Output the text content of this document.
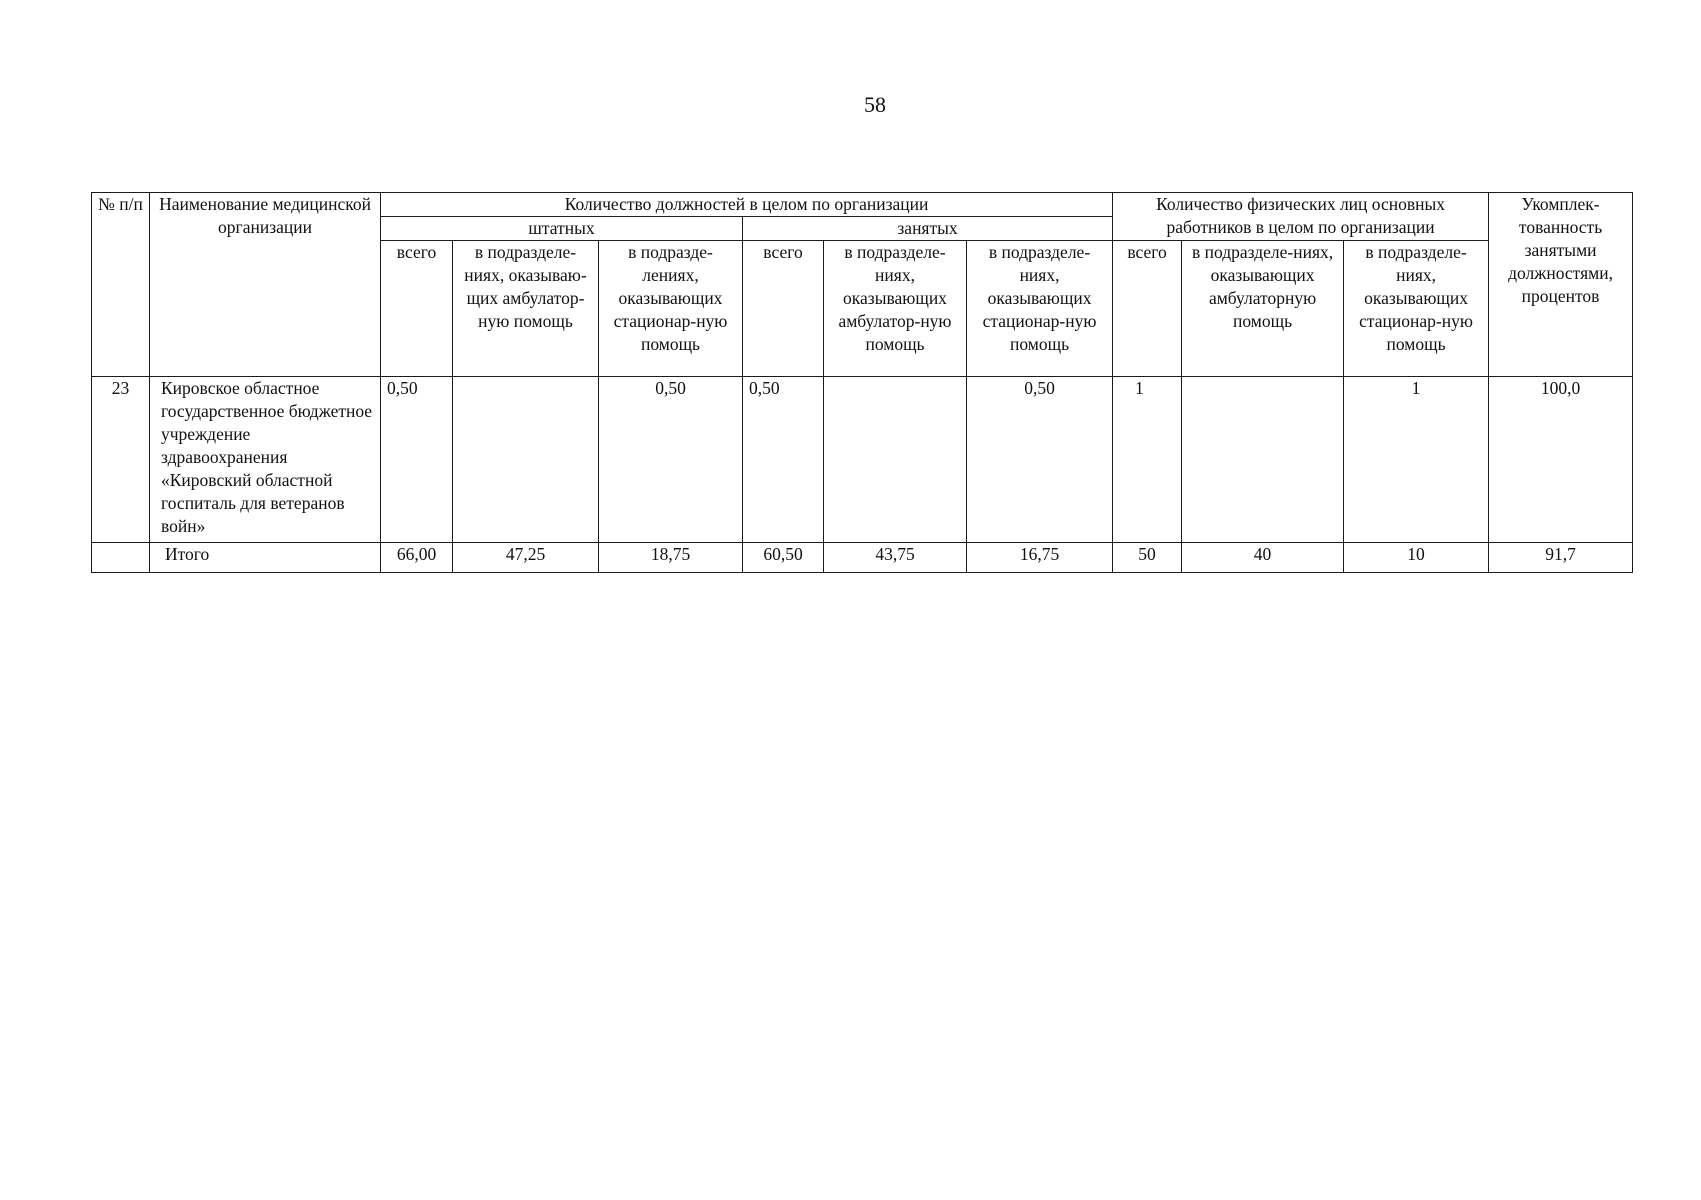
58
№ п/п	Наименование медицинской организации	Количество должностей в целом по организации						Количество физических лиц основных работников в целом по организации			Укомплек-тованность занятыми должностями, процентов
		штатных			занятых						
		всего	в подразделе-ниях, оказываю-щих амбулатор-ную помощь	в подразде-лениях, оказывающих стационар-ную помощь	всего	в подразделе-ниях, оказывающих амбулатор-ную помощь	в подразделе-ниях, оказывающих стационар-ную помощь	всего	в подразделе-ниях, оказывающих амбулаторную помощь	в подразделе-ниях, оказывающих стационар-ную помощь	
23	Кировское областное государственное бюджетное учреждение здравоохранения «Кировский областной госпиталь для ветеранов войн»	0,50		0,50	0,50		0,50	1		1	100,0
	Итого	66,00	47,25	18,75	60,50	43,75	16,75	50	40	10	91,7
